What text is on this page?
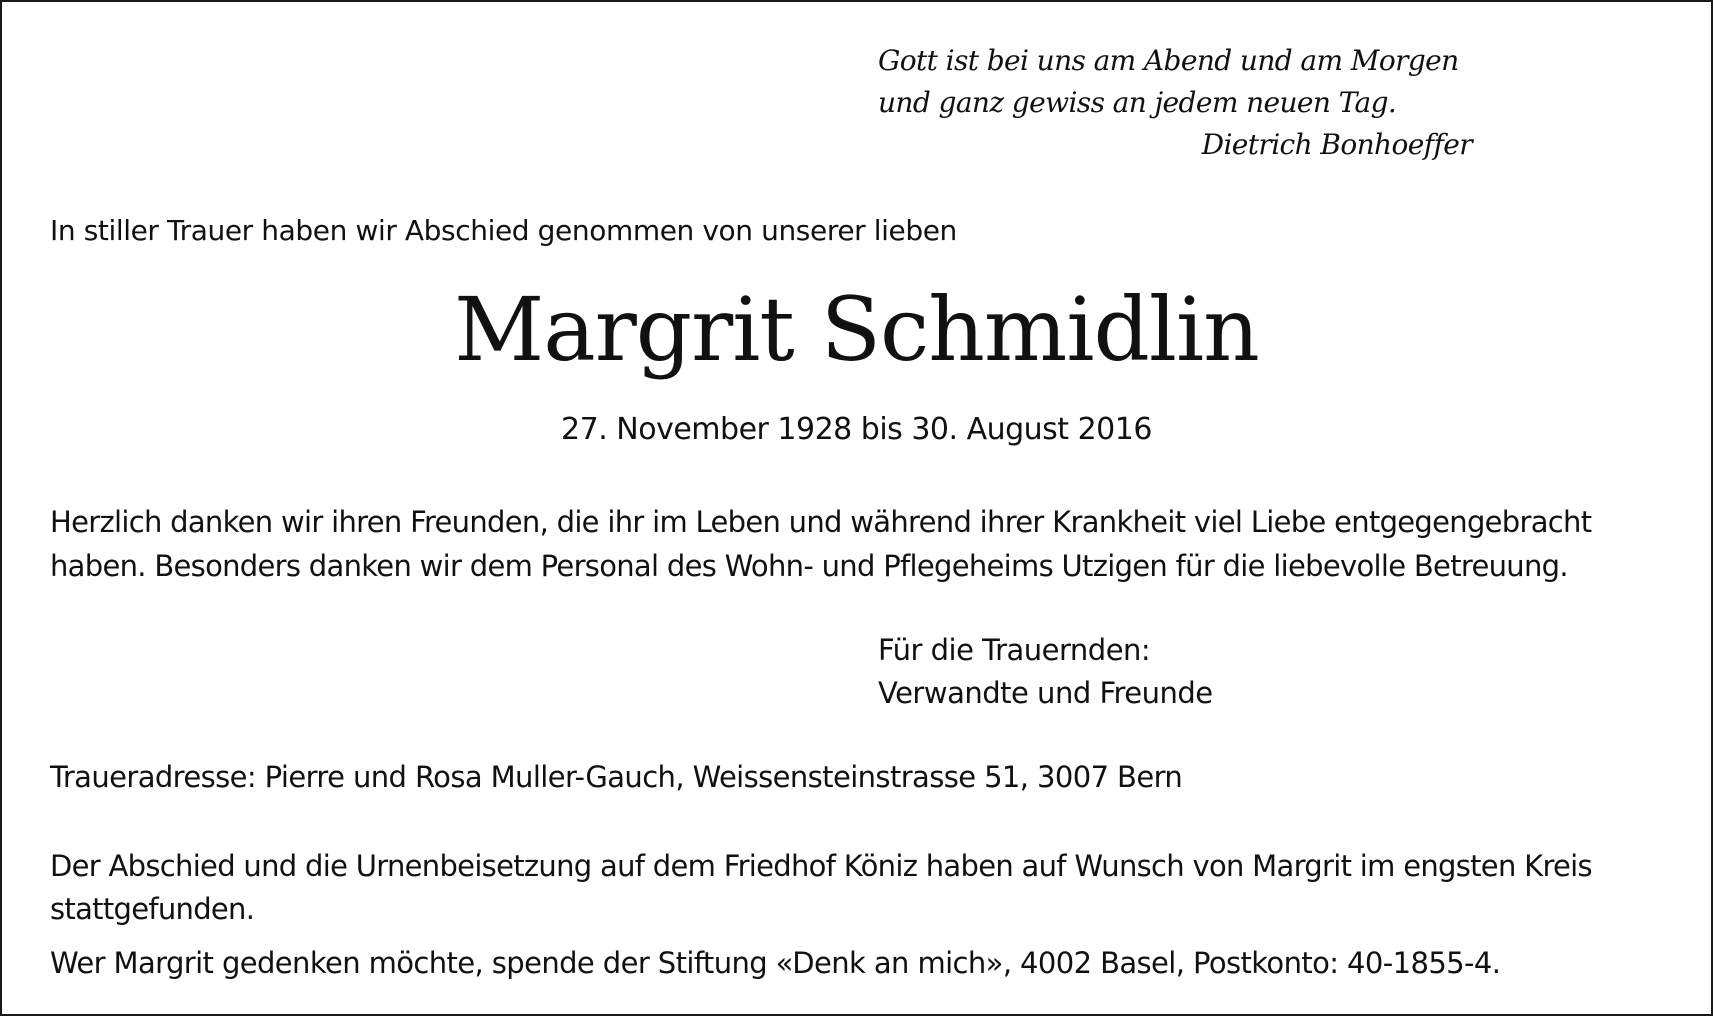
Gott ist bei uns am Abend und am Morgen
und ganz gewiss an jedem neuen Tag.
Dietrich Bonhoeffer
In stiller Trauer haben wir Abschied genommen von unserer lieben
Margrit Schmidlin
27. November 1928 bis 30. August 2016
Herzlich danken wir ihren Freunden, die ihr im Leben und während ihrer Krankheit viel Liebe entgegengebracht
haben. Besonders danken wir dem Personal des Wohn- und Pflegeheims Utzigen für die liebevolle Betreuung.
Für die Trauernden:
Verwandte und Freunde
Traueradresse: Pierre und Rosa Muller-Gauch, Weissensteinstrasse 51, 3007 Bern
Der Abschied und die Urnenbeisetzung auf dem Friedhof Köniz haben auf Wunsch von Margrit im engsten Kreis
stattgefunden.
Wer Margrit gedenken möchte, spende der Stiftung «Denk an mich», 4002 Basel, Postkonto: 40-1855-4.
